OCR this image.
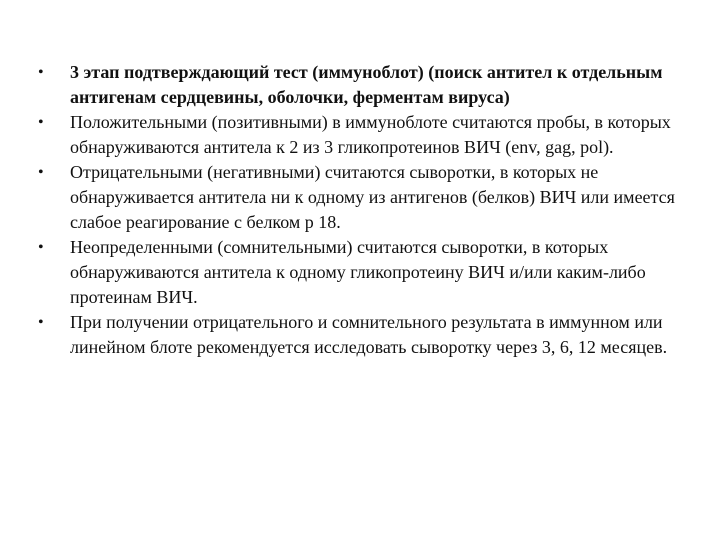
•	3 этап подтверждающий тест (иммуноблот) (поиск антител к отдельным антигенам сердцевины, оболочки, ферментам вируса)
•	Положительными (позитивными) в иммуноблоте считаются пробы, в которых обнаруживаются антитела к 2 из 3 гликопротеинов ВИЧ (env, gag, pol).
•	Отрицательными (негативными) считаются сыворотки, в которых не обнаруживается антитела ни к одному из антигенов (белков) ВИЧ или имеется слабое реагирование с белком р 18.
•	Неопределенными (сомнительными) считаются сыворотки, в которых обнаруживаются антитела к одному гликопротеину ВИЧ и/или каким-либо протеинам ВИЧ.
•	При получении отрицательного и сомнительного результата в иммунном или линейном блоте рекомендуется исследовать сыворотку через 3, 6, 12 месяцев.
